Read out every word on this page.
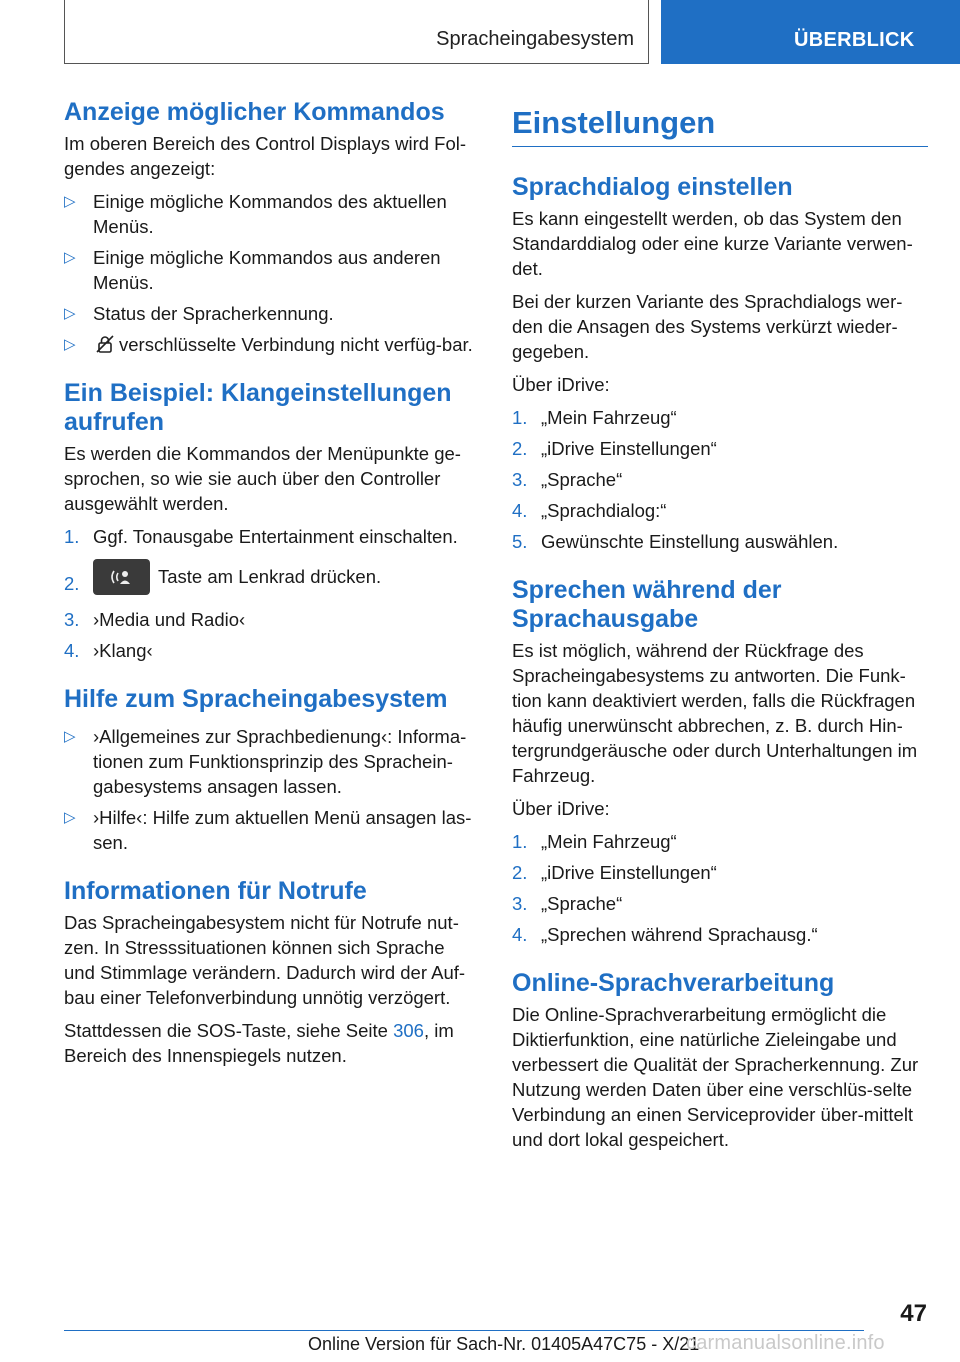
Spracheingabesystem	ÜBERBLICK
Anzeige möglicher Kommandos

Im oberen Bereich des Control Displays wird Fol-gendes angezeigt:

▷ Einige mögliche Kommandos des aktuellen Menüs.
▷ Einige mögliche Kommandos aus anderen Menüs.
▷ Status der Spracherkennung.
▷ verschlüsselte Verbindung nicht verfüg-bar.
Ein Beispiel: Klangeinstellungen aufrufen

Es werden die Kommandos der Menüpunkte ge-sprochen, so wie sie auch über den Controller ausgewählt werden.

1. Ggf. Tonausgabe Entertainment einschalten.
2.	Taste am Lenkrad drücken.
3. ›Media und Radio‹
4. ›Klang‹
Hilfe zum Spracheingabesystem
▷ ›Allgemeines zur Sprachbedienung‹: Informa-tionen zum Funktionsprinzip des Sprachein-gabesystems ansagen lassen.
▷ ›Hilfe‹: Hilfe zum aktuellen Menü ansagen las-sen.
Informationen für Notrufe

Das Spracheingabesystem nicht für Notrufe nut-zen. In Stresssituationen können sich Sprache und Stimmlage verändern. Dadurch wird der Auf-bau einer Telefonverbindung unnötig verzögert.

Stattdessen die SOS-Taste, siehe Seite 306, im Bereich des Innenspiegels nutzen.

Einstellungen
Sprachdialog einstellen

Es kann eingestellt werden, ob das System den Standarddialog oder eine kurze Variante verwen-det.

Bei der kurzen Variante des Sprachdialogs wer-den die Ansagen des Systems verkürzt wieder-gegeben.

Über iDrive:

1. „Mein Fahrzeug“
2. „iDrive Einstellungen“
3. „Sprache“
4. „Sprachdialog:“
5. Gewünschte Einstellung auswählen.
Sprechen während der Sprachausgabe

Es ist möglich, während der Rückfrage des Spracheingabesystems zu antworten. Die Funk-tion kann deaktiviert werden, falls die Rückfragen häufig unerwünscht abbrechen, z. B. durch Hin-tergrundgeräusche oder durch Unterhaltungen im Fahrzeug.

Über iDrive:

1. „Mein Fahrzeug“
2. „iDrive Einstellungen“
3. „Sprache“
4. „Sprechen während Sprachausg.“
Online-Sprachverarbeitung

Die Online-Sprachverarbeitung ermöglicht die Diktierfunktion, eine natürliche Zieleingabe und verbessert die Qualität der Spracherkennung. Zur Nutzung werden Daten über eine verschlüs-selte Verbindung an einen Serviceprovider über-mittelt und dort lokal gespeichert.

47
Online Version für Sach-Nr. 01405A47C75 - X/21
carmanualsonline.info
